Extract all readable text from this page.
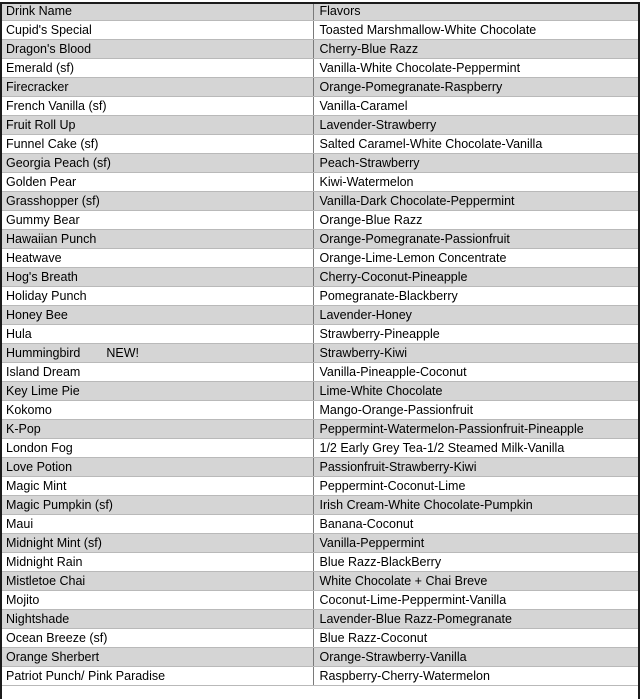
Drink Name	Flavors
Cupid's Special	Toasted Marshmallow-White Chocolate
Dragon's Blood	Cherry-Blue Razz
Emerald (sf)	Vanilla-White Chocolate-Peppermint
Firecracker	Orange-Pomegranate-Raspberry
French Vanilla (sf)	Vanilla-Caramel
Fruit Roll Up	Lavender-Strawberry
Funnel Cake (sf)	Salted Caramel-White Chocolate-Vanilla
Georgia Peach (sf)	Peach-Strawberry
Golden Pear	Kiwi-Watermelon
Grasshopper (sf)	Vanilla-Dark Chocolate-Peppermint
Gummy Bear	Orange-Blue Razz
Hawaiian Punch	Orange-Pomegranate-Passionfruit
Heatwave	Orange-Lime-Lemon Concentrate
Hog's Breath	Cherry-Coconut-Pineapple
Holiday Punch	Pomegranate-Blackberry
Honey Bee	Lavender-Honey
Hula	Strawberry-Pineapple
Hummingbird NEW!	Strawberry-Kiwi
Island Dream	Vanilla-Pineapple-Coconut
Key Lime Pie	Lime-White Chocolate
Kokomo	Mango-Orange-Passionfruit
K-Pop	Peppermint-Watermelon-Passionfruit-Pineapple
London Fog	1/2 Early Grey Tea-1/2 Steamed Milk-Vanilla
Love Potion	Passionfruit-Strawberry-Kiwi
Magic Mint	Peppermint-Coconut-Lime
Magic Pumpkin (sf)	Irish Cream-White Chocolate-Pumpkin
Maui	Banana-Coconut
Midnight Mint (sf)	Vanilla-Peppermint
Midnight Rain	Blue Razz-BlackBerry
Mistletoe Chai	White Chocolate + Chai Breve
Mojito	Coconut-Lime-Peppermint-Vanilla
Nightshade	Lavender-Blue Razz-Pomegranate
Ocean Breeze (sf)	Blue Razz-Coconut
Orange Sherbert	Orange-Strawberry-Vanilla
Patriot Punch/ Pink Paradise	Raspberry-Cherry-Watermelon
